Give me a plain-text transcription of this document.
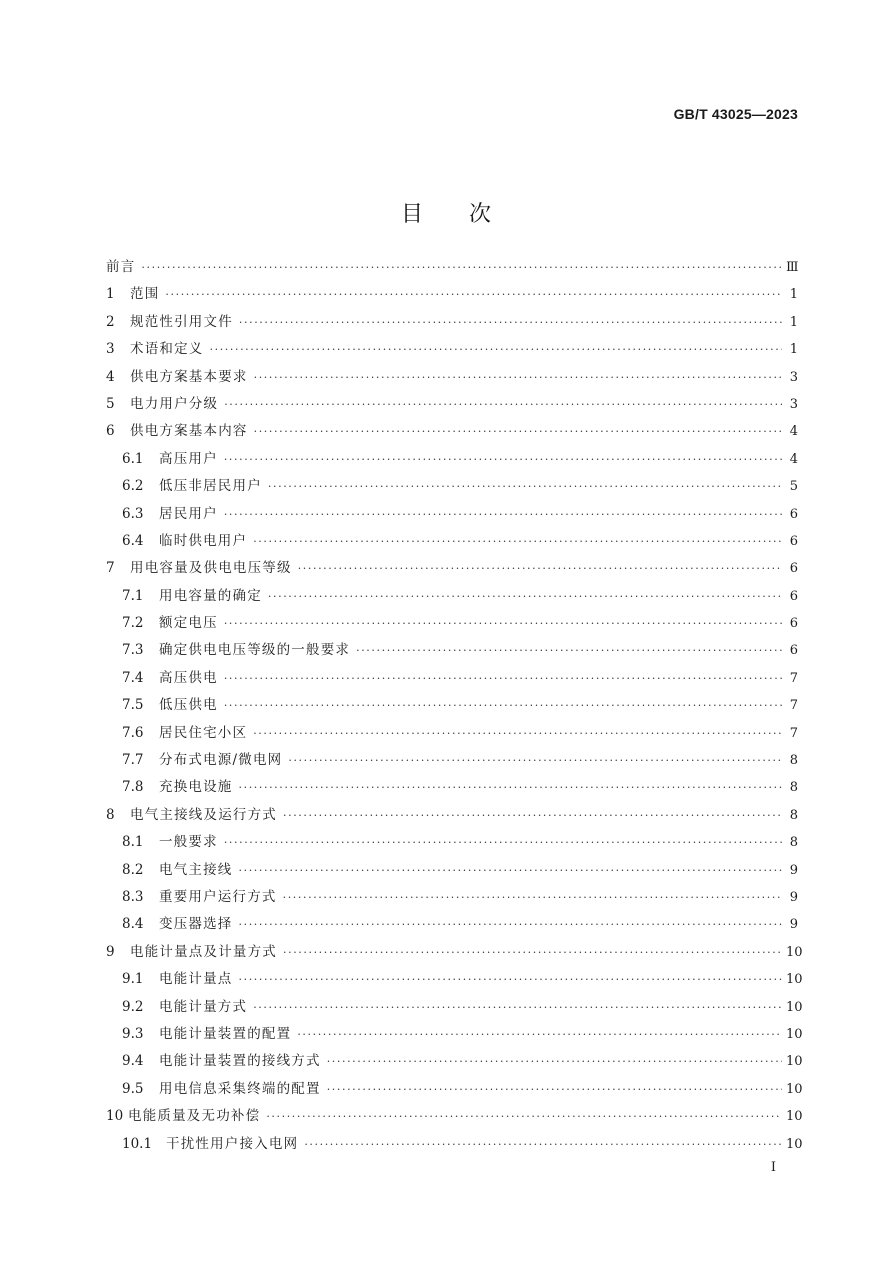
GB/T 43025—2023
目次
前言 ·····	Ⅲ
1	范围 ·····	1
2	规范性引用文件 ·····	1
3	术语和定义 ·····	1
4	供电方案基本要求 ·····	3
5	电力用户分级 ·····	3
6	供电方案基本内容 ·····	4
6.1	高压用户 ·····	4
6.2	低压非居民用户 ·····	5
6.3	居民用户 ·····	6
6.4	临时供电用户 ·····	6
7	用电容量及供电电压等级 ·····	6
7.1	用电容量的确定 ·····	6
7.2	额定电压 ·····	6
7.3	确定供电电压等级的一般要求 ·····	6
7.4	高压供电 ·····	7
7.5	低压供电 ·····	7
7.6	居民住宅小区 ·····	7
7.7	分布式电源/微电网 ·····	8
7.8	充换电设施 ·····	8
8	电气主接线及运行方式 ·····	8
8.1	一般要求 ·····	8
8.2	电气主接线 ·····	9
8.3	重要用户运行方式 ·····	9
8.4	变压器选择 ·····	9
9	电能计量点及计量方式 ·····	10
9.1	电能计量点 ·····	10
9.2	电能计量方式 ·····	10
9.3	电能计量装置的配置 ·····	10
9.4	电能计量装置的接线方式 ·····	10
9.5	用电信息采集终端的配置 ·····	10
10 电能质量及无功补偿 ·····	10
10.1	干扰性用户接入电网 ·····	10
I
